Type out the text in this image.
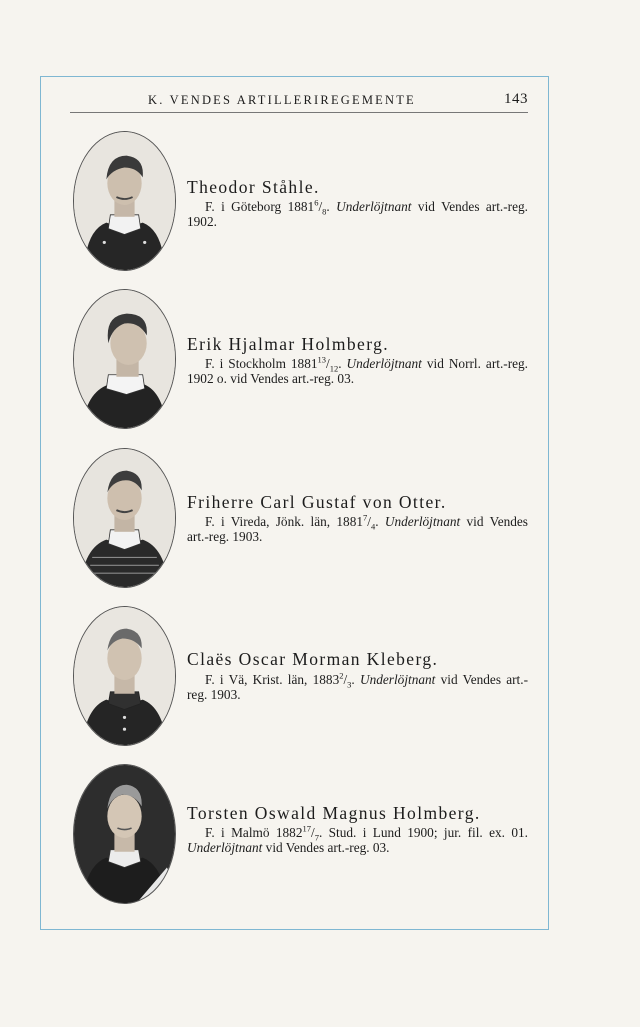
K. VENDES ARTILLERIREGEMENTE	143
Theodor Ståhle.
F. i Göteborg $1881^6/_8$. Underlöjtnant vid Vendes art.-reg. 1902.
Erik Hjalmar Holmberg.
F. i Stockholm $1881^{13}/_{12}$. Underlöjtnant vid Norrl. art.-reg. 1902 o. vid Vendes art.-reg. 03.
Friherre Carl Gustaf von Otter.
F. i Vireda, Jönk. län, $1881^7/_4$. Underlöjtnant vid Vendes art.-reg. 1903.
Claës Oscar Morman Kleberg.
F. i Vä, Krist. län, $1883^2/_3$. Underlöjtnant vid Vendes art.-reg. 1903.
Torsten Oswald Magnus Holmberg.
F. i Malmö $1882^{17}/_7$. Stud. i Lund 1900; jur. fil. ex. 01. Underlöjtnant vid Vendes art.-reg. 03.
